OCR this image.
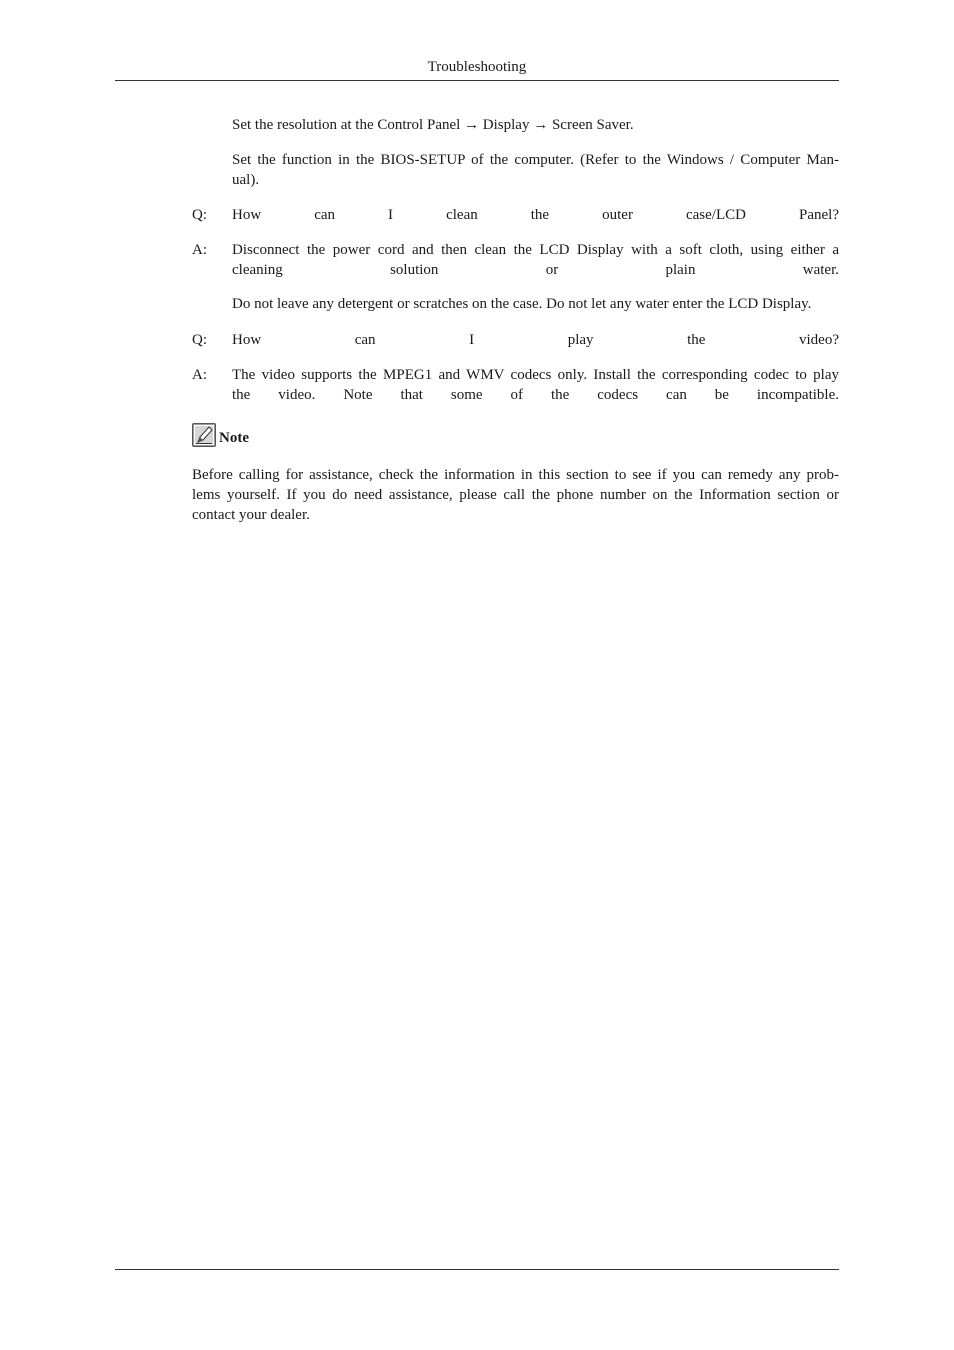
Troubleshooting

Set the resolution at the Control Panel → Display → Screen Saver.

Set the function in the BIOS-SETUP of the computer. (Refer to the Windows / Computer Man-
ual).

Q: How can I clean the outer case/LCD Panel?
A: Disconnect the power cord and then clean the LCD Display with a soft cloth, using either a
cleaning solution or plain water.

Do not leave any detergent or scratches on the case. Do not let any water enter the LCD Display.

Q: How can I play the video?
A: The video supports the MPEG1 and WMV codecs only. Install the corresponding codec to play
the video. Note that some of the codecs can be incompatible.
Note
Before calling for assistance, check the information in this section to see if you can remedy any prob-
lems yourself. If you do need assistance, please call the phone number on the Information section or
contact your dealer.
